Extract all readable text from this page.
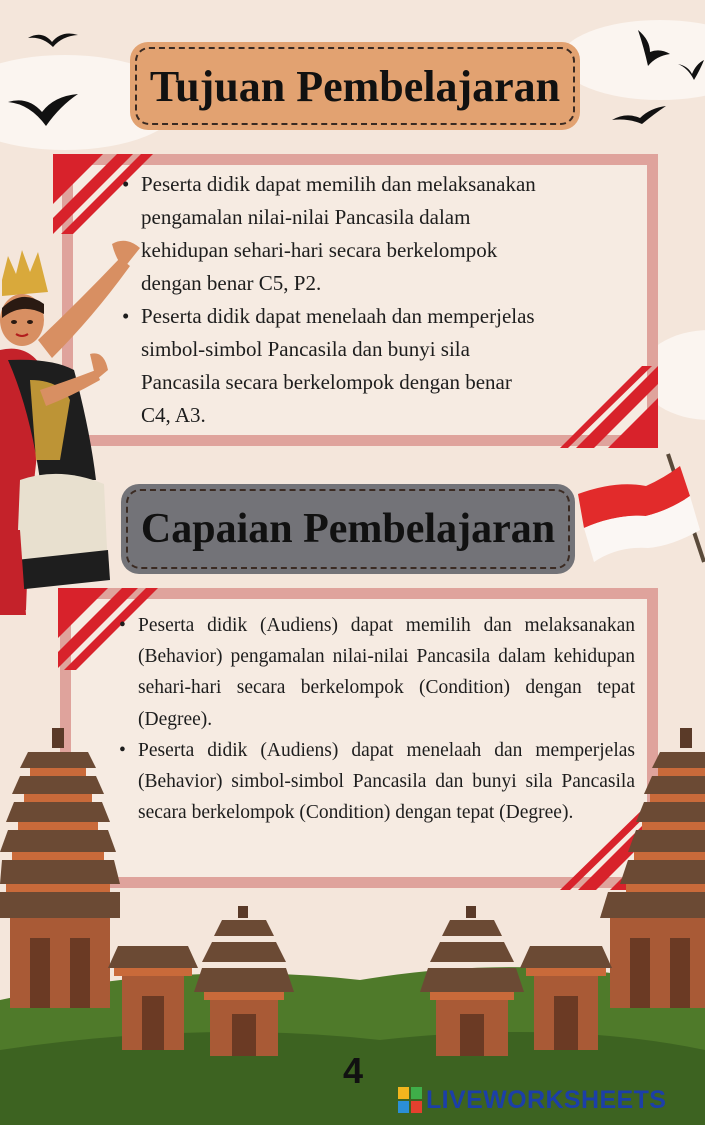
Tujuan Pembelajaran
• Peserta didik dapat memilih dan melaksanakan
pengamalan nilai-nilai Pancasila dalam
kehidupan sehari-hari secara berkelompok
dengan benar C5, P2.
• Peserta didik dapat menelaah dan memperjelas
simbol-simbol Pancasila dan bunyi sila
Pancasila secara berkelompok dengan benar
C4, A3.
Capaian Pembelajaran
• Peserta didik (Audiens) dapat memilih dan melaksanakan (Behavior) pengamalan nilai-nilai Pancasila dalam kehidupan sehari-hari secara berkelompok (Condition) dengan tepat (Degree).
• Peserta didik (Audiens) dapat menelaah dan memperjelas (Behavior) simbol-simbol Pancasila dan bunyi sila Pancasila secara berkelompok (Condition) dengan tepat (Degree).
4
LIVEWORKSHEETS
